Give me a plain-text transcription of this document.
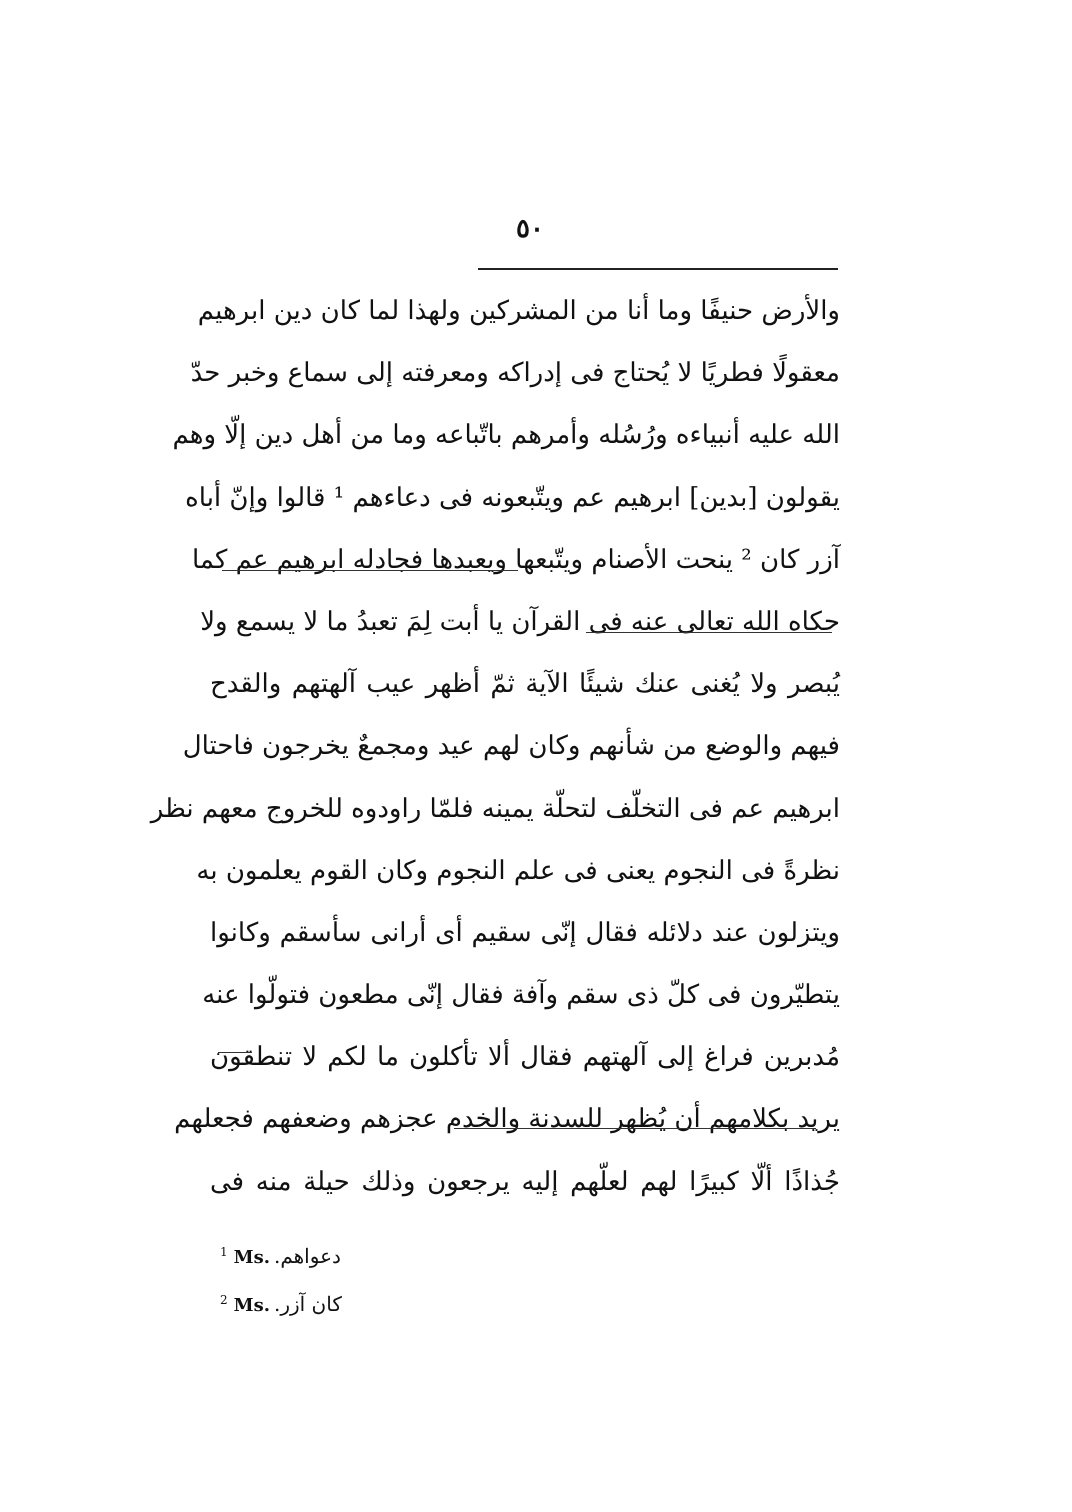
٥٠
والأرض حنيفًا وما أنا من المشركين ولهذا لما كان دين ابرهيم
معقولًا فطريًا لا يُحتاج فى إدراكه ومعرفته إلى سماع وخبر حدّ
الله عليه أنبياءه ورُسُله وأمرهم باتّباعه وما من أهل دين إلّا وهم
يقولون [بدين] ابرهيم عم ويتّبعونه فى دعاءهم ¹ قالوا وإنّ أباه
آزر كان ² ينحت الأصنام ويتّبعها ويعبدها فجادله ابرهيم عم كما
حكاه الله تعالى عنه فى القرآن يا أبت لِمَ تعبدُ ما لا يسمع ولا
يُبصر ولا يُغنى عنك شيئًا الآية ثمّ أظهر عيب آلهتهم والقدح
فيهم والوضع من شأنهم وكان لهم عيد ومجمعٌ يخرجون فاحتال
ابرهيم عم فى التخلّف لتحلّة يمينه فلمّا راودوه للخروج معهم نظر
نظرةً فى النجوم يعنى فى علم النجوم وكان القوم يعلمون به
ويتزلون عند دلائله فقال إنّى سقيم أى أرانى سأسقم وكانوا
يتطيّرون فى كلّ ذى سقم وآفة فقال إنّى مطعون فتولّوا عنه
مُدبرين فراغ إلى آلهتهم فقال ألا تأكلون ما لكم لا تنطقون
يريد بكلامهم أن يُظهر للسدنة والخدم عجزهم وضعفهم فجعلهم
جُذاذًا ألّا كبيرًا لهم لعلّهم إليه يرجعون وذلك حيلة منه فى
$^1$ Ms. دعواهم.
$^2$ Ms. كان آزر.
